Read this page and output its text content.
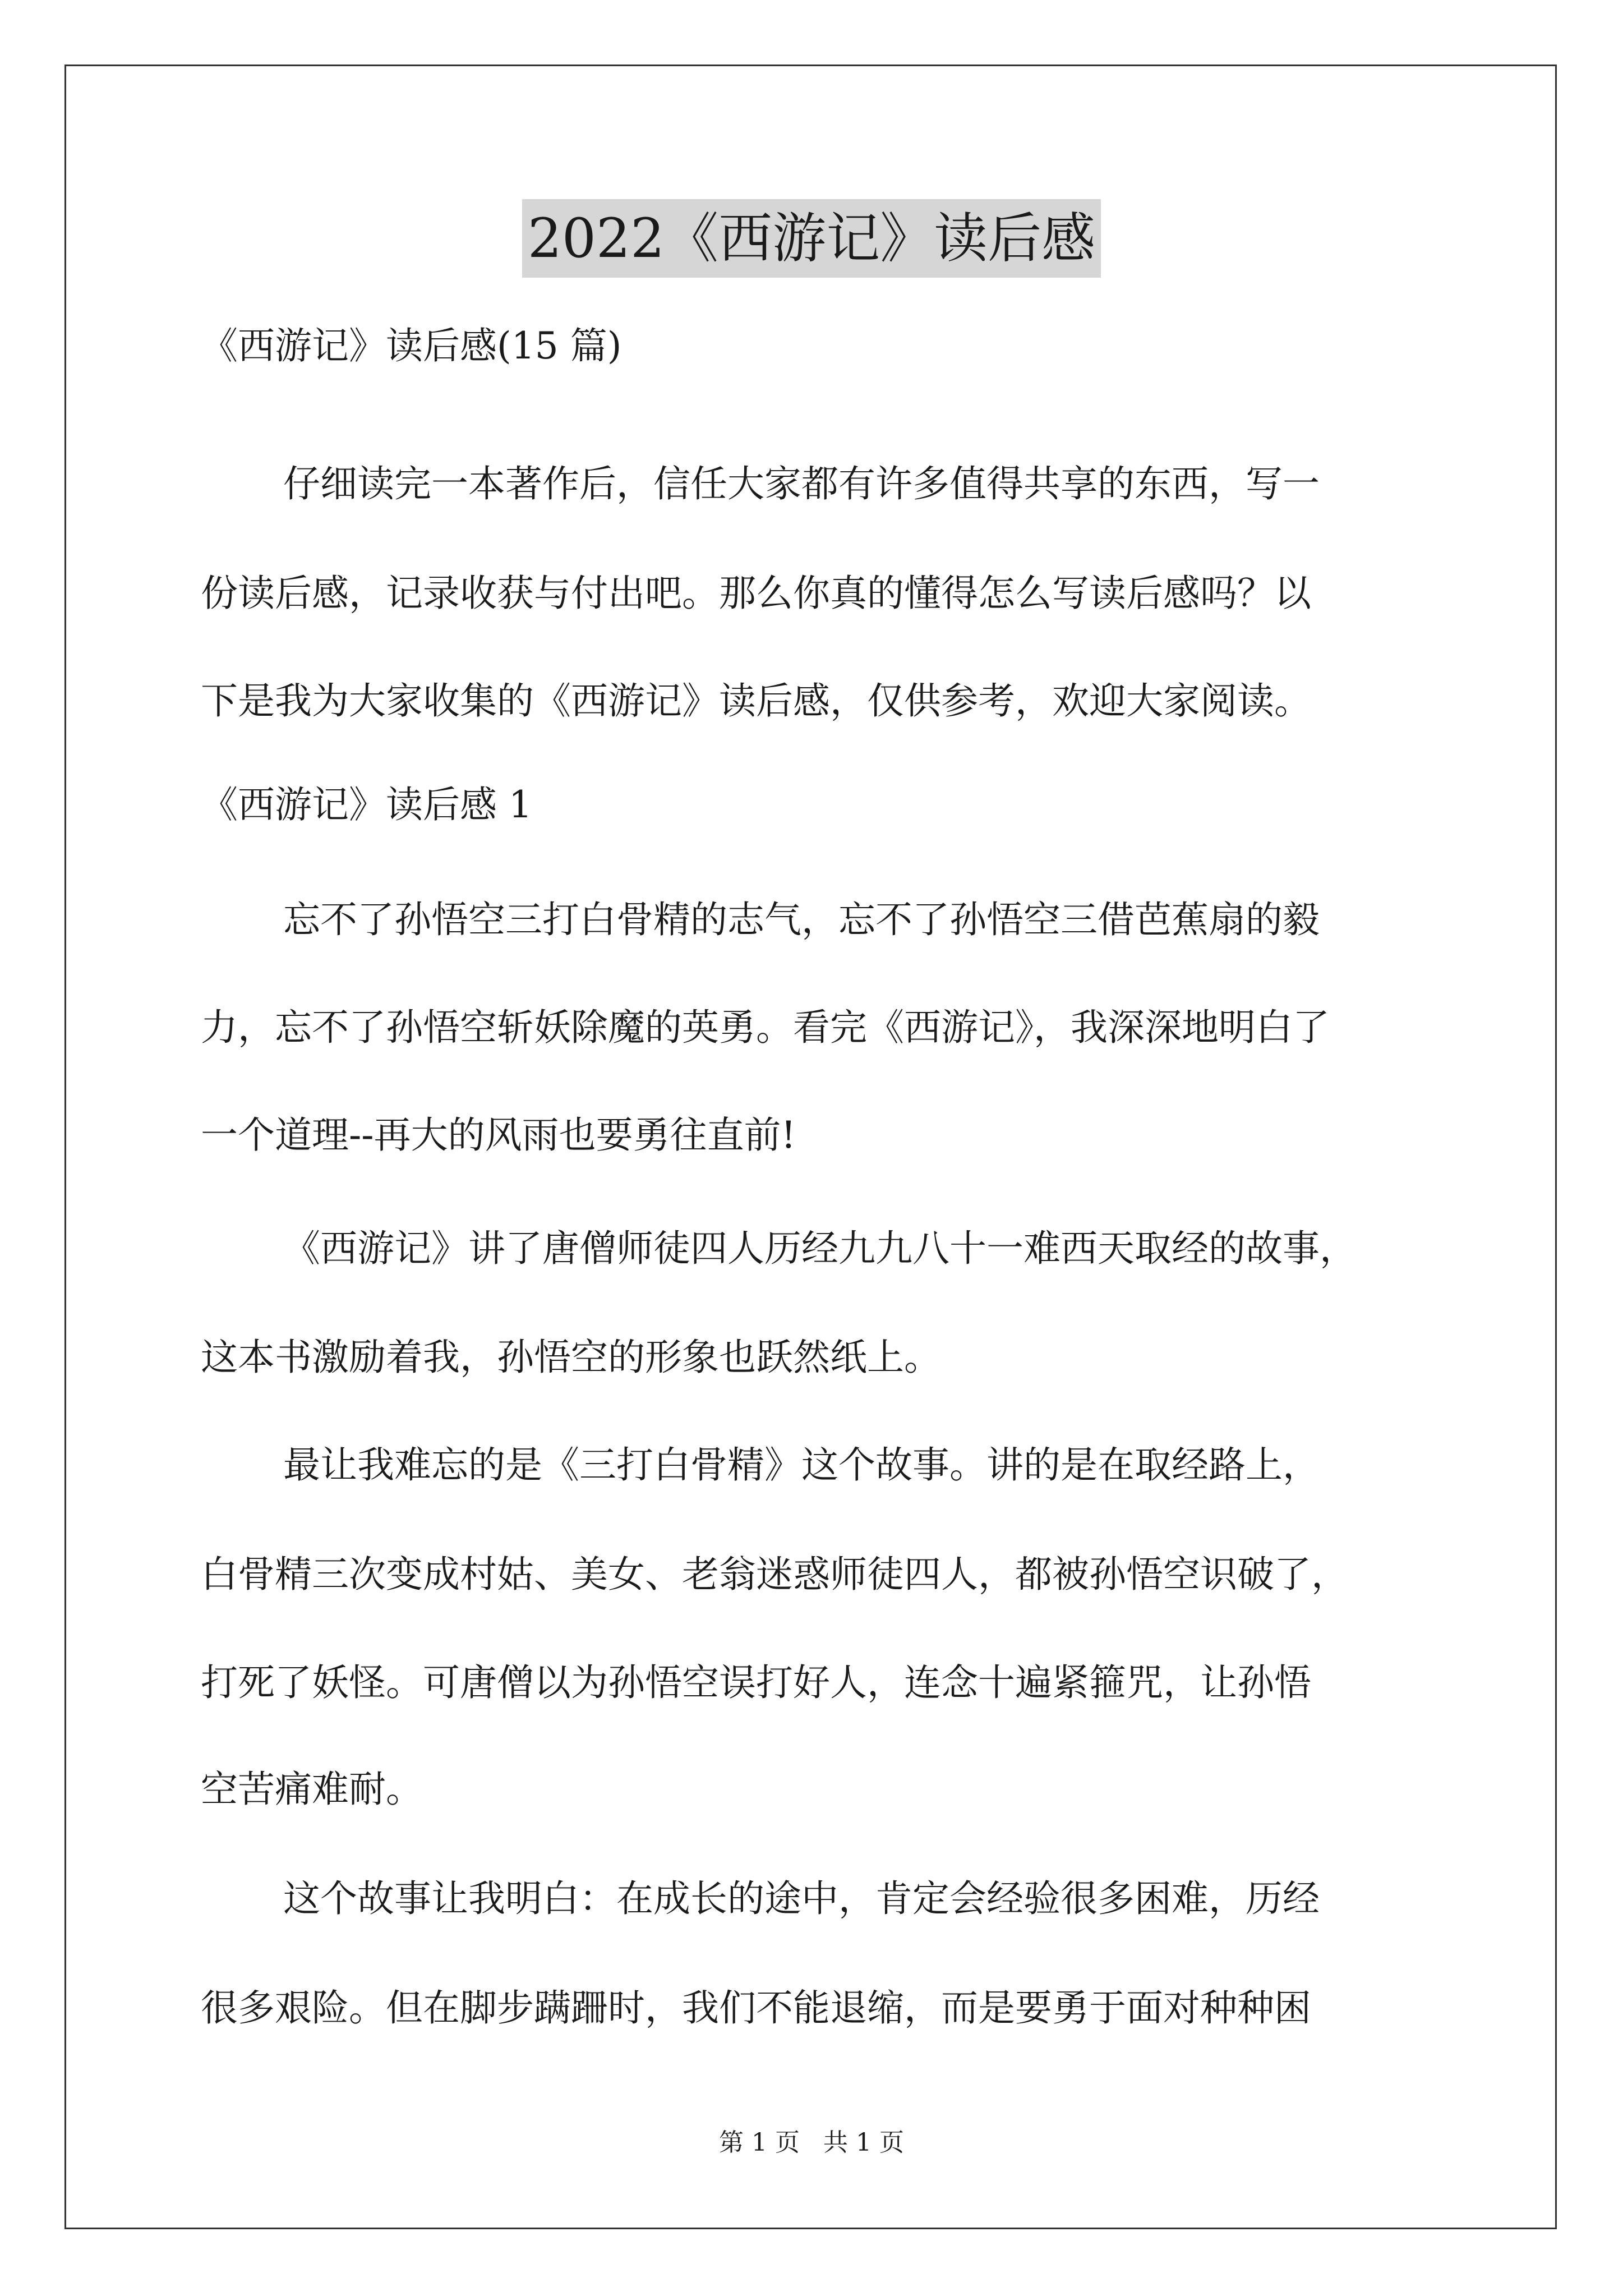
2022《西游记》读后感
《西游记》读后感(15 篇)
仔细读完一本著作后，信任大家都有许多值得共享的东西，写一
份读后感，记录收获与付出吧。那么你真的懂得怎么写读后感吗？以
下是我为大家收集的《西游记》读后感，仅供参考，欢迎大家阅读。
《西游记》读后感 1
忘不了孙悟空三打白骨精的志气，忘不了孙悟空三借芭蕉扇的毅
力，忘不了孙悟空斩妖除魔的英勇。看完《西游记》，我深深地明白了
一个道理--再大的风雨也要勇往直前!
《西游记》讲了唐僧师徒四人历经九九八十一难西天取经的故事，
这本书激励着我，孙悟空的形象也跃然纸上。
最让我难忘的是《三打白骨精》这个故事。讲的是在取经路上，
白骨精三次变成村姑、美女、老翁迷惑师徒四人，都被孙悟空识破了，
打死了妖怪。可唐僧以为孙悟空误打好人，连念十遍紧箍咒，让孙悟
空苦痛难耐。
这个故事让我明白：在成长的途中，肯定会经验很多困难，历经
很多艰险。但在脚步蹒跚时，我们不能退缩，而是要勇于面对种种困
第 1 页 共 1 页
